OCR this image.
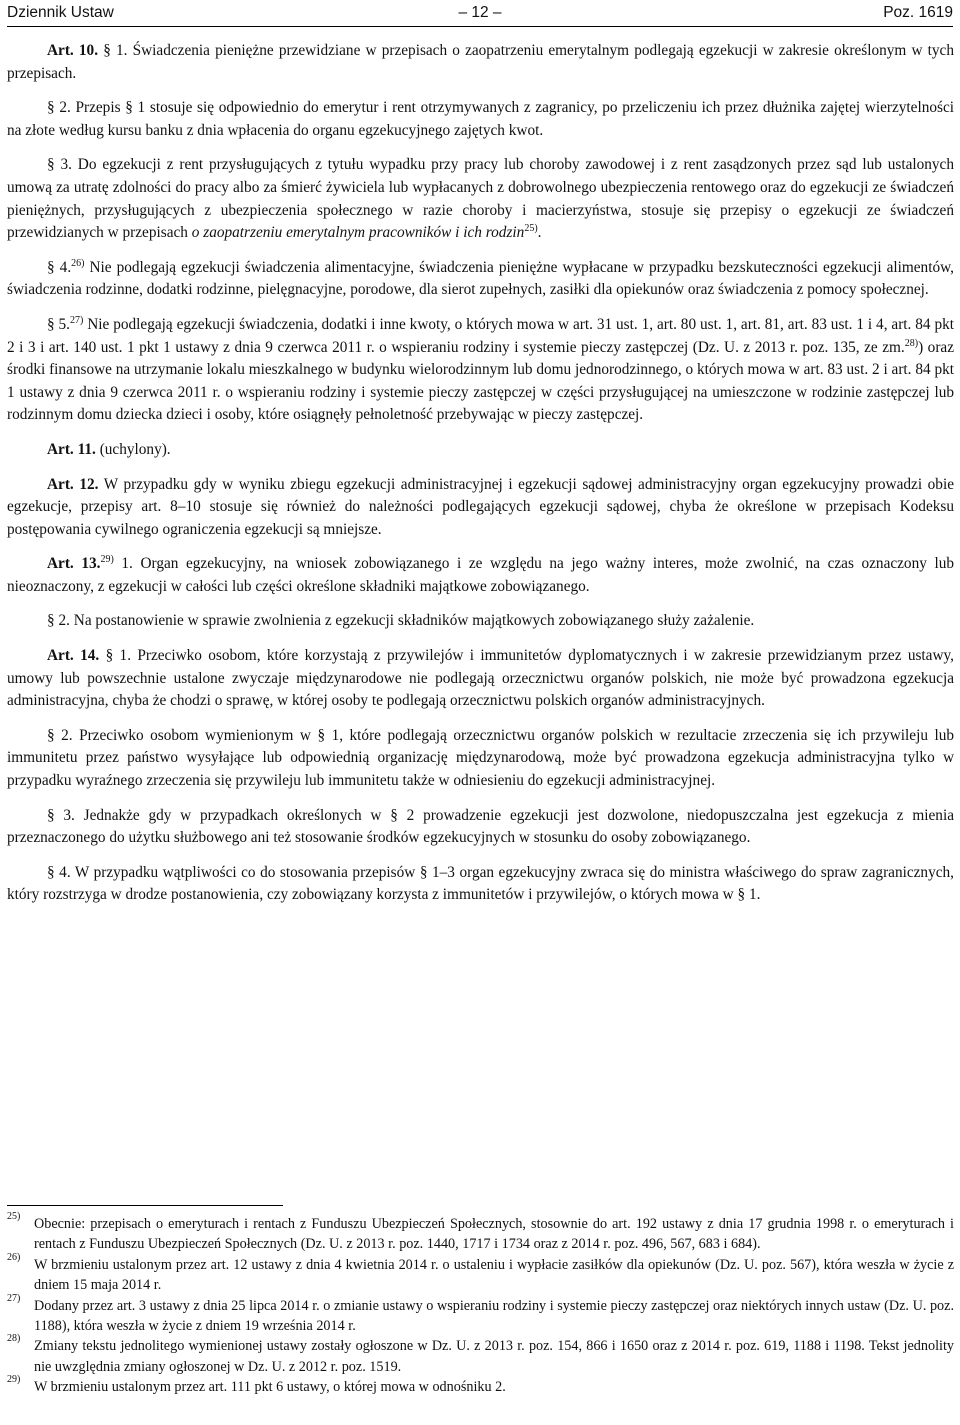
Dziennik Ustaw	– 12 –	Poz. 1619

Art. 10. § 1. Świadczenia pieniężne przewidziane w przepisach o zaopatrzeniu emerytalnym podlegają egzekucji w zakresie określonym w tych przepisach.

§ 2. Przepis § 1 stosuje się odpowiednio do emerytur i rent otrzymywanych z zagranicy, po przeliczeniu ich przez dłużnika zajętej wierzytelności na złote według kursu banku z dnia wpłacenia do organu egzekucyjnego zajętych kwot.

§ 3. Do egzekucji z rent przysługujących z tytułu wypadku przy pracy lub choroby zawodowej i z rent zasądzonych przez sąd lub ustalonych umową za utratę zdolności do pracy albo za śmierć żywiciela lub wypłacanych z dobrowolnego ubezpieczenia rentowego oraz do egzekucji ze świadczeń pieniężnych, przysługujących z ubezpieczenia społecznego w razie choroby i macierzyństwa, stosuje się przepisy o egzekucji ze świadczeń przewidzianych w przepisach o zaopatrzeniu emerytalnym pracowników i ich rodzin$^{25)}$.

§ 4.$^{26)}$ Nie podlegają egzekucji świadczenia alimentacyjne, świadczenia pieniężne wypłacane w przypadku bezskuteczności egzekucji alimentów, świadczenia rodzinne, dodatki rodzinne, pielęgnacyjne, porodowe, dla sierot zupełnych, zasiłki dla opiekunów oraz świadczenia z pomocy społecznej.

§ 5.$^{27)}$ Nie podlegają egzekucji świadczenia, dodatki i inne kwoty, o których mowa w art. 31 ust. 1, art. 80 ust. 1, art. 81, art. 83 ust. 1 i 4, art. 84 pkt 2 i 3 i art. 140 ust. 1 pkt 1 ustawy z dnia 9 czerwca 2011 r. o wspieraniu rodziny i systemie pieczy zastępczej (Dz. U. z 2013 r. poz. 135, ze zm.$^{28)}$) oraz środki finansowe na utrzymanie lokalu mieszkalnego w budynku wielorodzinnym lub domu jednorodzinnego, o których mowa w art. 83 ust. 2 i art. 84 pkt 1 ustawy z dnia 9 czerwca 2011 r. o wspieraniu rodziny i systemie pieczy zastępczej w części przysługującej na umieszczone w rodzinie zastępczej lub rodzinnym domu dziecka dzieci i osoby, które osiągnęły pełnoletność przebywając w pieczy zastępczej.

Art. 11. (uchylony).

Art. 12. W przypadku gdy w wyniku zbiegu egzekucji administracyjnej i egzekucji sądowej administracyjny organ egzekucyjny prowadzi obie egzekucje, przepisy art. 8–10 stosuje się również do należności podlegających egzekucji sądowej, chyba że określone w przepisach Kodeksu postępowania cywilnego ograniczenia egzekucji są mniejsze.

Art. 13.$^{29)}$ 1. Organ egzekucyjny, na wniosek zobowiązanego i ze względu na jego ważny interes, może zwolnić, na czas oznaczony lub nieoznaczony, z egzekucji w całości lub części określone składniki majątkowe zobowiązanego.

§ 2. Na postanowienie w sprawie zwolnienia z egzekucji składników majątkowych zobowiązanego służy zażalenie.

Art. 14. § 1. Przeciwko osobom, które korzystają z przywilejów i immunitetów dyplomatycznych i w zakresie przewidzianym przez ustawy, umowy lub powszechnie ustalone zwyczaje międzynarodowe nie podlegają orzecznictwu organów polskich, nie może być prowadzona egzekucja administracyjna, chyba że chodzi o sprawę, w której osoby te podlegają orzecznictwu polskich organów administracyjnych.

§ 2. Przeciwko osobom wymienionym w § 1, które podlegają orzecznictwu organów polskich w rezultacie zrzeczenia się ich przywileju lub immunitetu przez państwo wysyłające lub odpowiednią organizację międzynarodową, może być prowadzona egzekucja administracyjna tylko w przypadku wyraźnego zrzeczenia się przywileju lub immunitetu także w odniesieniu do egzekucji administracyjnej.

§ 3. Jednakże gdy w przypadkach określonych w § 2 prowadzenie egzekucji jest dozwolone, niedopuszczalna jest egzekucja z mienia przeznaczonego do użytku służbowego ani też stosowanie środków egzekucyjnych w stosunku do osoby zobowiązanego.

§ 4. W przypadku wątpliwości co do stosowania przepisów § 1–3 organ egzekucyjny zwraca się do ministra właściwego do spraw zagranicznych, który rozstrzyga w drodze postanowienia, czy zobowiązany korzysta z immunitetów i przywilejów, o których mowa w § 1.

25) Obecnie: przepisach o emeryturach i rentach z Funduszu Ubezpieczeń Społecznych, stosownie do art. 192 ustawy z dnia 17 grudnia 1998 r. o emeryturach i rentach z Funduszu Ubezpieczeń Społecznych (Dz. U. z 2013 r. poz. 1440, 1717 i 1734 oraz z 2014 r. poz. 496, 567, 683 i 684).
26) W brzmieniu ustalonym przez art. 12 ustawy z dnia 4 kwietnia 2014 r. o ustaleniu i wypłacie zasiłków dla opiekunów (Dz. U. poz. 567), która weszła w życie z dniem 15 maja 2014 r.
27) Dodany przez art. 3 ustawy z dnia 25 lipca 2014 r. o zmianie ustawy o wspieraniu rodziny i systemie pieczy zastępczej oraz niektórych innych ustaw (Dz. U. poz. 1188), która weszła w życie z dniem 19 września 2014 r.
28) Zmiany tekstu jednolitego wymienionej ustawy zostały ogłoszone w Dz. U. z 2013 r. poz. 154, 866 i 1650 oraz z 2014 r. poz. 619, 1188 i 1198. Tekst jednolity nie uwzględnia zmiany ogłoszonej w Dz. U. z 2012 r. poz. 1519.
29) W brzmieniu ustalonym przez art. 111 pkt 6 ustawy, o której mowa w odnośniku 2.
